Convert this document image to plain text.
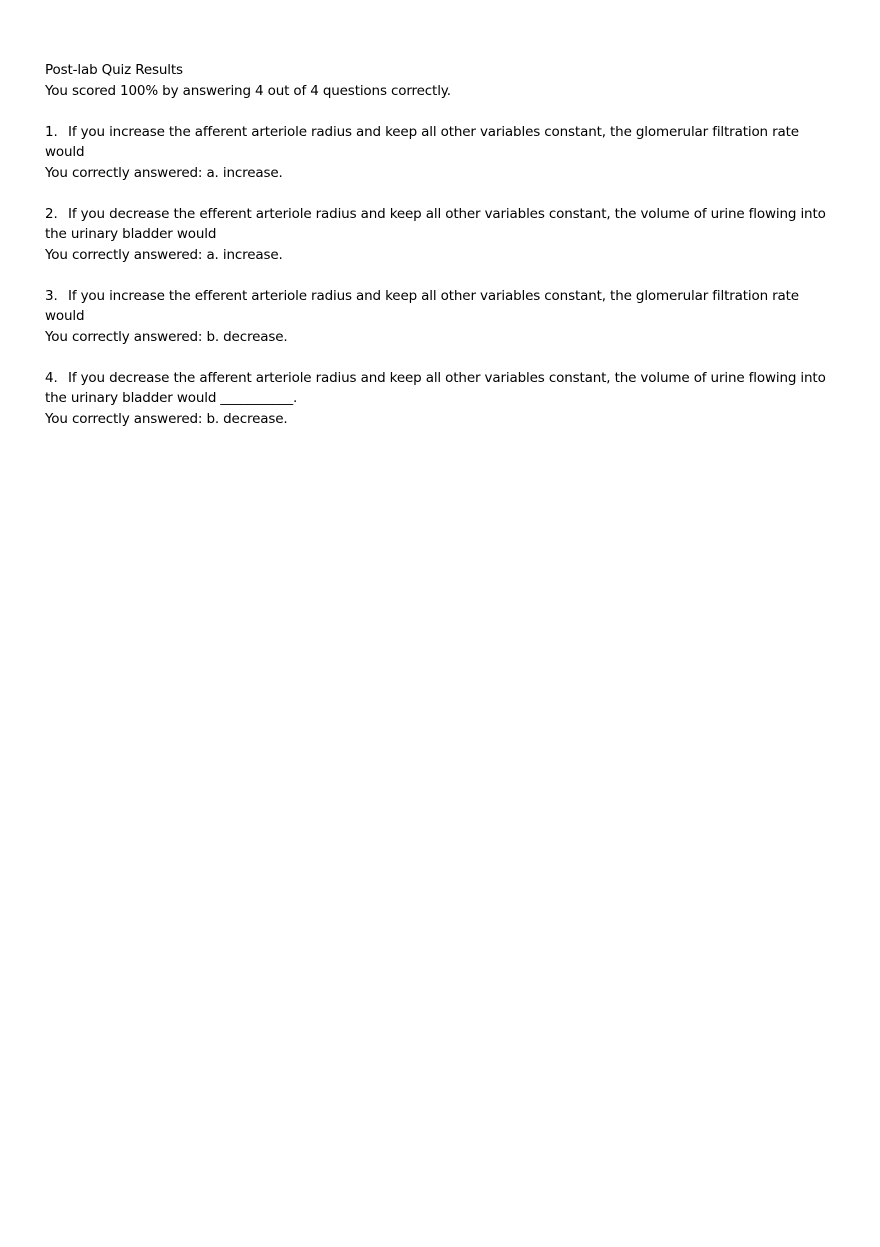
Post-lab Quiz Results
You scored 100% by answering 4 out of 4 questions correctly.
1. If you increase the afferent arteriole radius and keep all other variables constant, the glomerular filtration rate would
You correctly answered: a. increase.
2. If you decrease the efferent arteriole radius and keep all other variables constant, the volume of urine flowing into the urinary bladder would
You correctly answered: a. increase.
3. If you increase the efferent arteriole radius and keep all other variables constant, the glomerular filtration rate would
You correctly answered: b. decrease.
4. If you decrease the afferent arteriole radius and keep all other variables constant, the volume of urine flowing into the urinary bladder would ___________.
You correctly answered: b. decrease.
